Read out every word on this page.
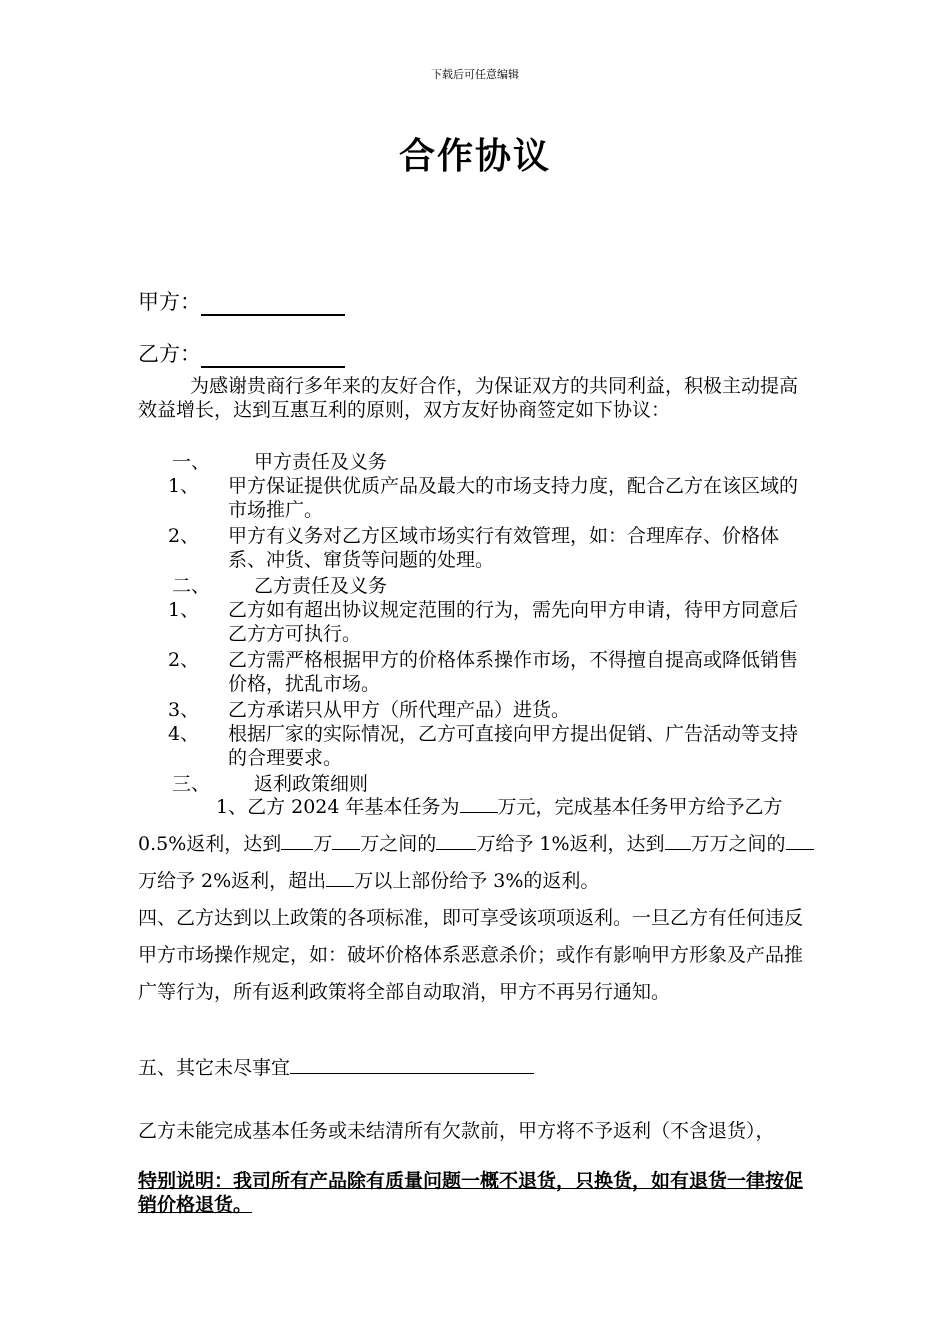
下载后可任意编辑
合作协议
甲方：
乙方：
为感谢贵商行多年来的友好合作，为保证双方的共同利益，积极主动提高效益增长，达到互惠互利的原则，双方友好协商签定如下协议：
一、 甲方责任及义务
1、 甲方保证提供优质产品及最大的市场支持力度，配合乙方在该区域的市场推广。
2、 甲方有义务对乙方区域市场实行有效管理，如：合理库存、价格体系、冲货、窜货等问题的处理。
二、 乙方责任及义务
1、 乙方如有超出协议规定范围的行为，需先向甲方申请，待甲方同意后乙方方可执行。
2、 乙方需严格根据甲方的价格体系操作市场，不得擅自提高或降低销售价格，扰乱市场。
3、 乙方承诺只从甲方（所代理产品）进货。
4、 根据厂家的实际情况，乙方可直接向甲方提出促销、广告活动等支持的合理要求。
三、 返利政策细则
1、乙方 2024 年基本任务为 万元，完成基本任务甲方给予乙方 0.5%返利，达到 万 万之间的 万给予 1%返利，达到 万万之间的万给予 2%返利，超出 万以上部份给予 3%的返利。
四、乙方达到以上政策的各项标准，即可享受该项项返利。一旦乙方有任何违反甲方市场操作规定，如：破坏价格体系恶意杀价；或作有影响甲方形象及产品推广等行为，所有返利政策将全部自动取消，甲方不再另行通知。
五、其它未尽事宜
乙方未能完成基本任务或未结清所有欠款前，甲方将不予返利（不含退货），
特别说明：我司所有产品除有质量问题一概不退货，只换货，如有退货一律按促销价格退货。
